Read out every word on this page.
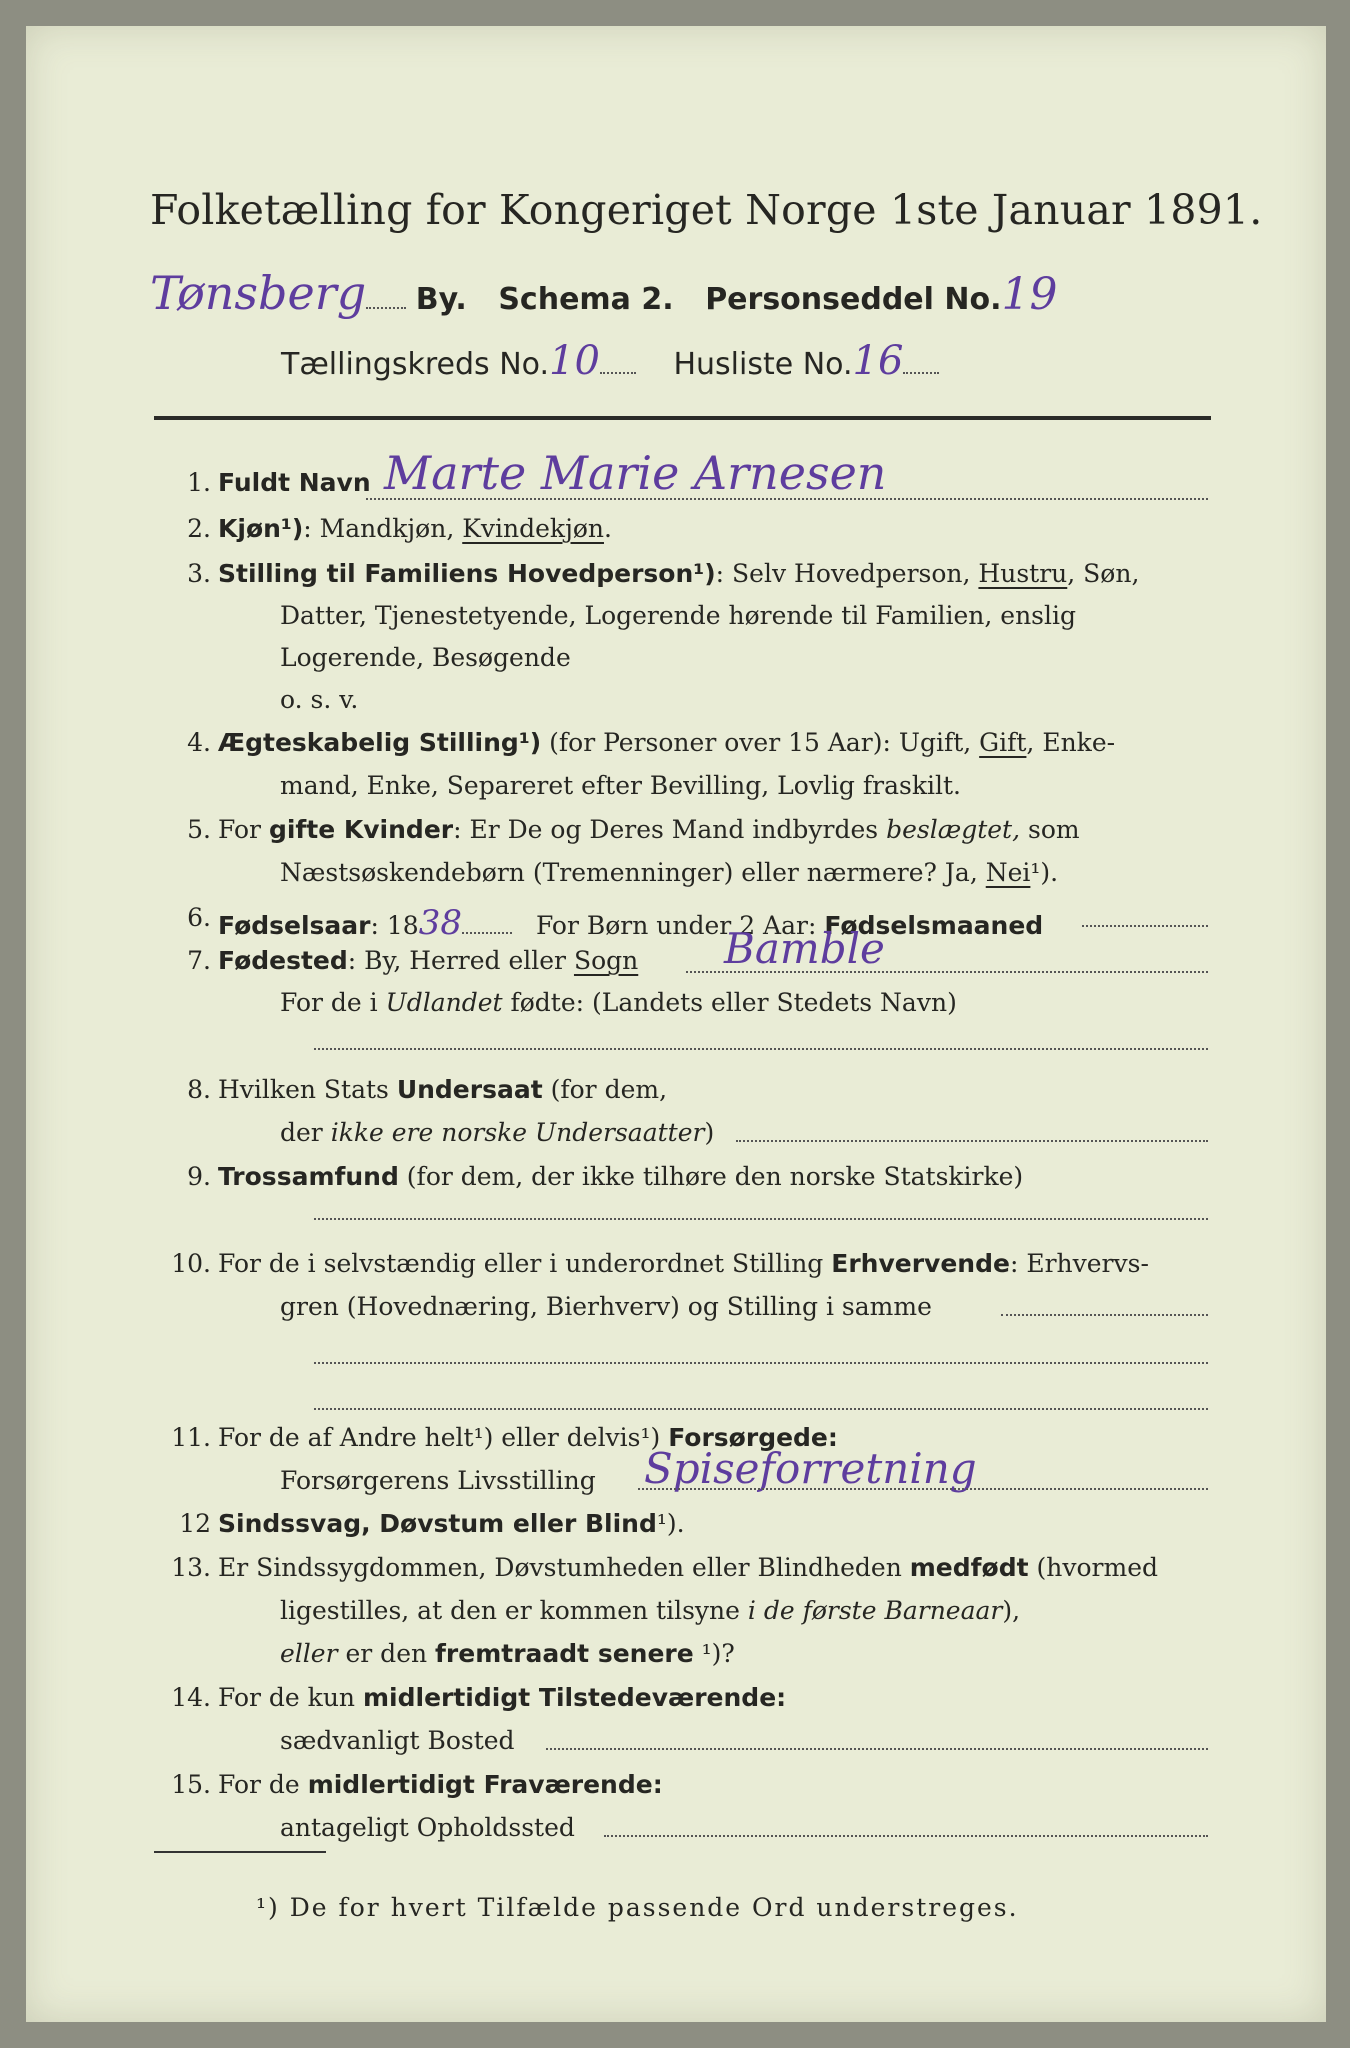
Folketælling for Kongeriget Norge 1ste Januar 1891.
Tønsberg By. Schema 2. Personseddel No.19
Tællingskreds No.10 Husliste No.16
1. Fuldt Navn Marte Marie Arnesen
2. Kjøn¹): Mandkjøn, Kvindekjøn.
3. Stilling til Familiens Hovedperson¹): Selv Hovedperson, Hustru, Søn,
Datter, Tjenestetyende, Logerende hørende til Familien, enslig
Logerende, Besøgende
o. s. v.
4. Ægteskabelig Stilling¹) (for Personer over 15 Aar): Ugift, Gift, Enke-
mand, Enke, Separeret efter Bevilling, Lovlig fraskilt.
5. For gifte Kvinder: Er De og Deres Mand indbyrdes beslægtet, som
Næstsøskendebørn (Tremenninger) eller nærmere? Ja, Nei¹).
6. Fødselsaar: 1838	For Børn under 2 Aar: Fødselsmaaned
7. Fødested: By, Herred eller Sogn Bamble
For de i Udlandet fødte: (Landets eller Stedets Navn)
8. Hvilken Stats Undersaat (for dem,
der ikke ere norske Undersaatter)
9. Trossamfund (for dem, der ikke tilhøre den norske Statskirke)
10. For de i selvstændig eller i underordnet Stilling Erhvervende: Erhvervs-
gren (Hovednæring, Bierhverv) og Stilling i samme
11. For de af Andre helt¹) eller delvis¹) Forsørgede:
Forsørgerens Livsstilling Spiseforretning
12 Sindssvag, Døvstum eller Blind¹).
13. Er Sindssygdommen, Døvstumheden eller Blindheden medfødt (hvormed
ligestilles, at den er kommen tilsyne i de første Barneaar),
eller er den fremtraadt senere ¹)?
14. For de kun midlertidigt Tilstedeværende:
sædvanligt Bosted
15. For de midlertidigt Fraværende:
antageligt Opholdssted
¹) De for hvert Tilfælde passende Ord understreges.
